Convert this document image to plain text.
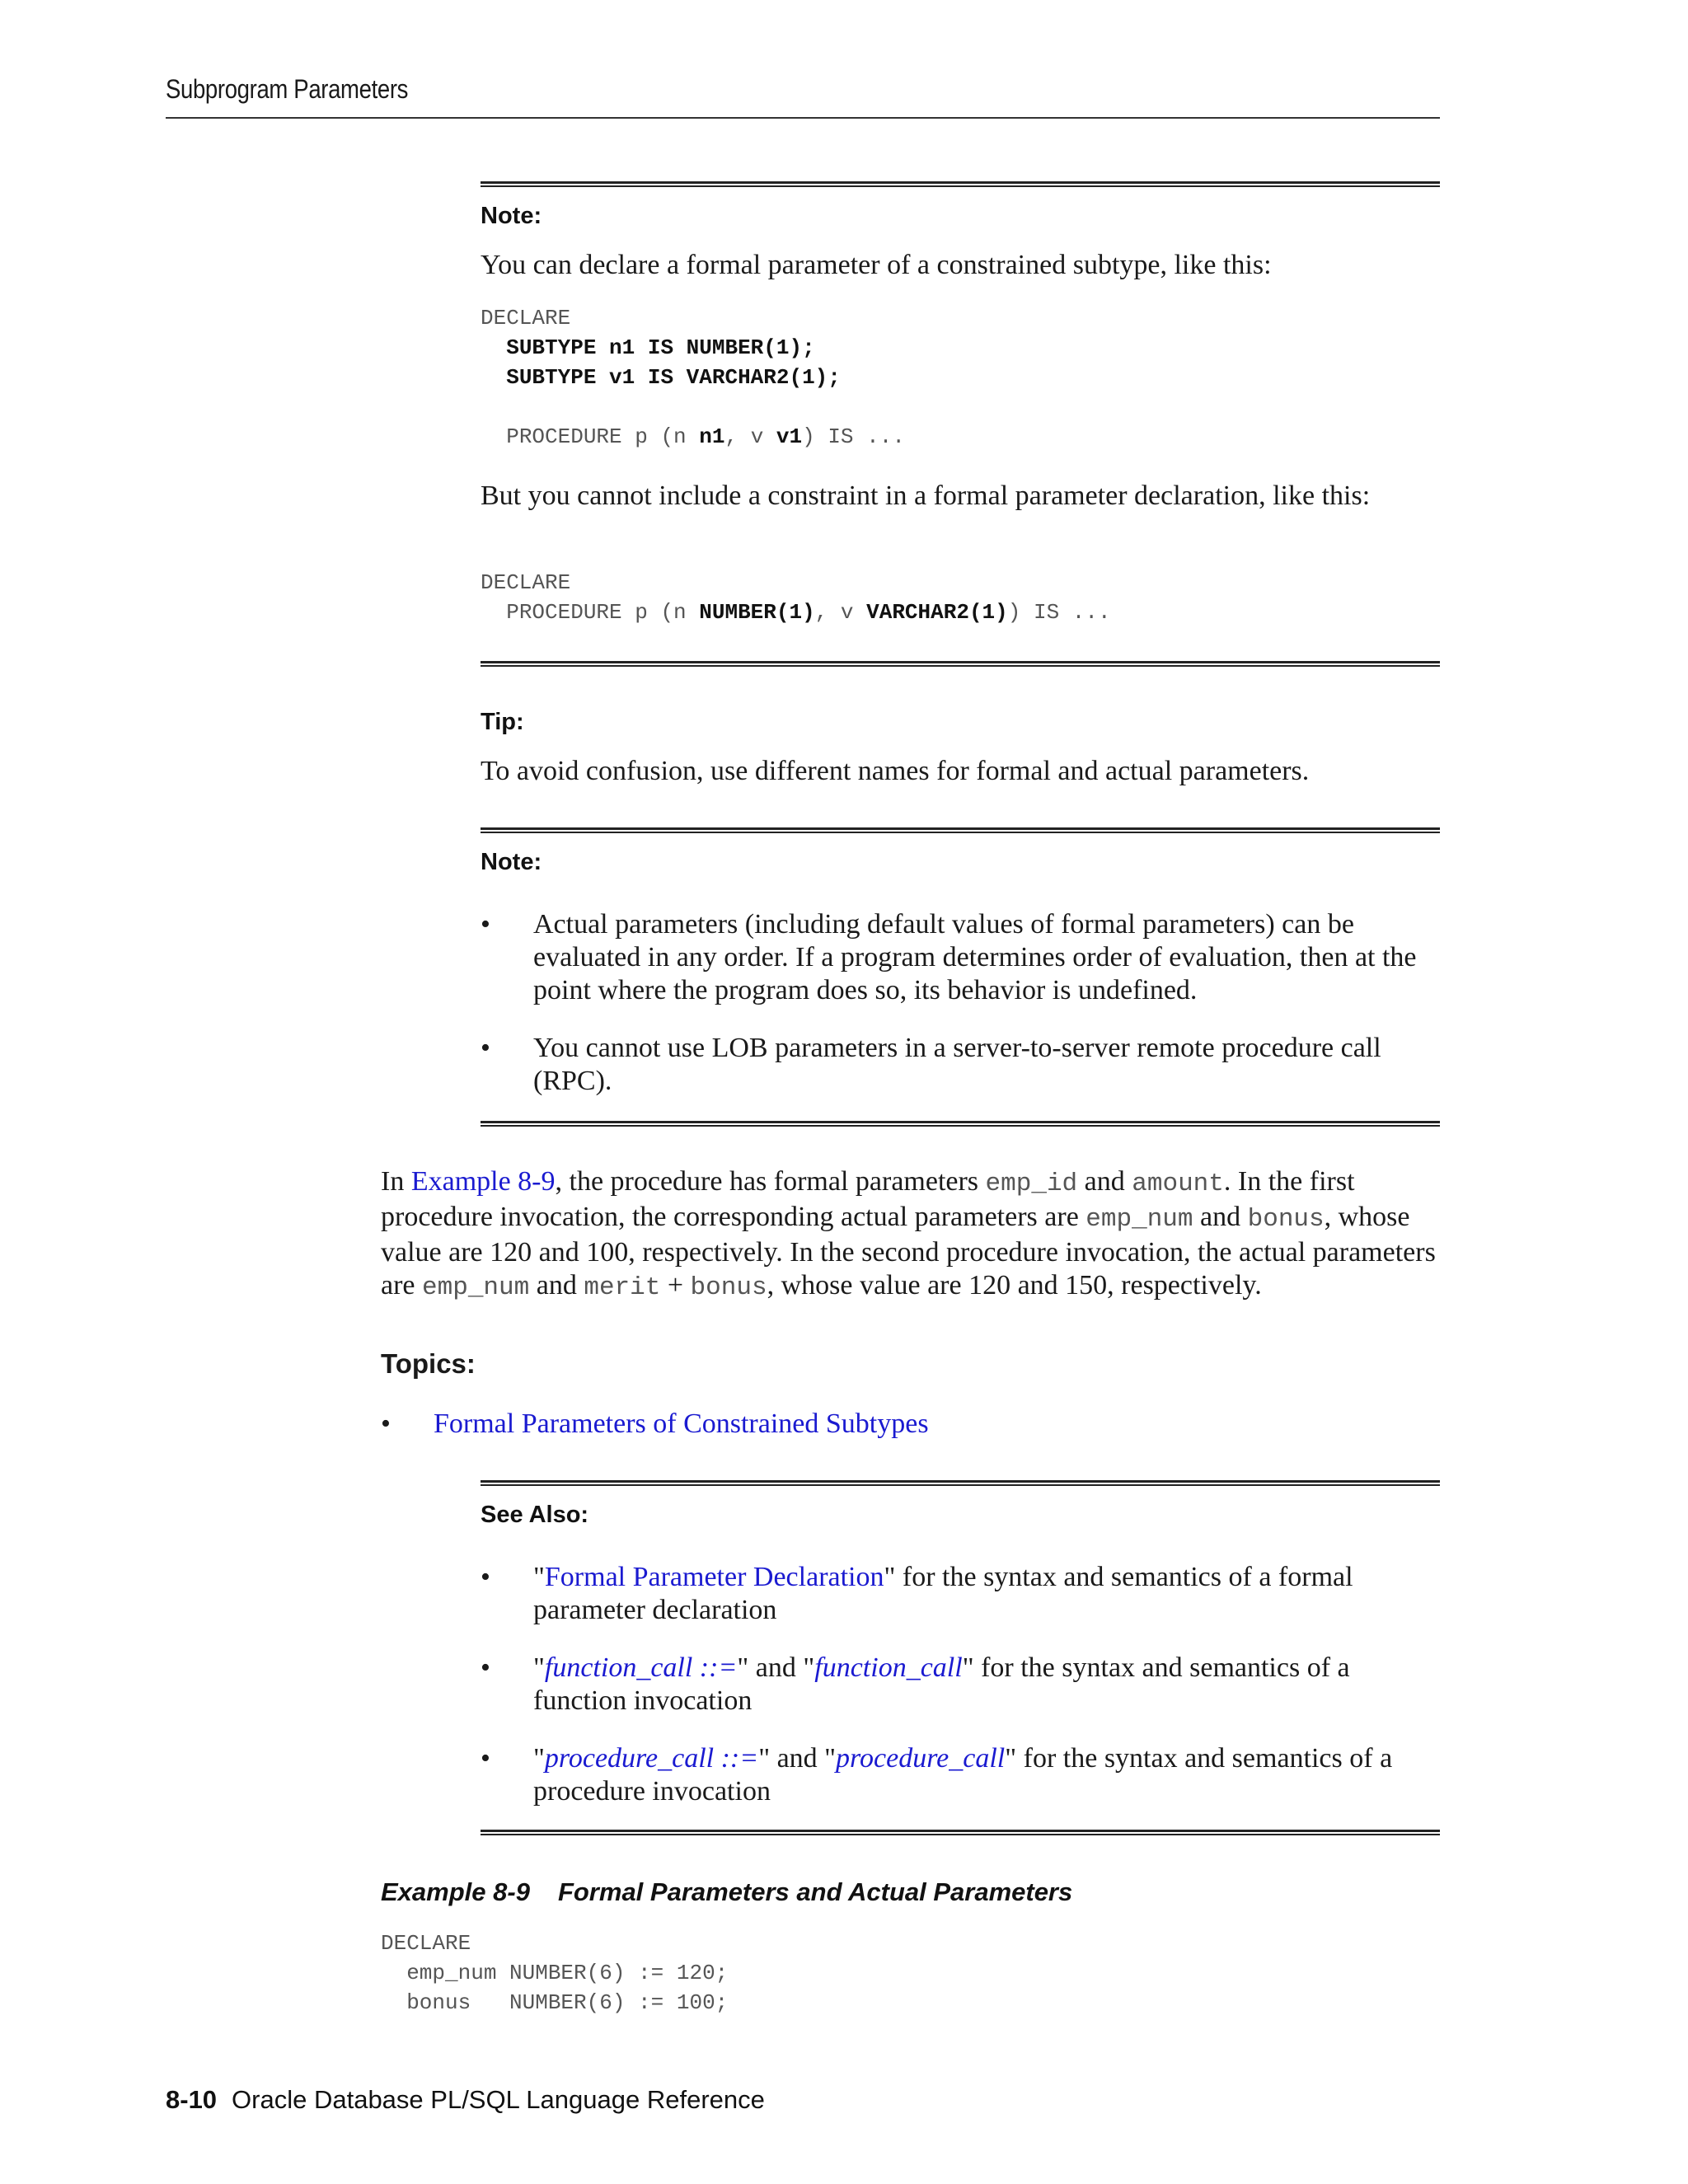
Subprogram Parameters
Note:
You can declare a formal parameter of a constrained subtype, like this:
DECLARE
SUBTYPE n1 IS NUMBER(1);
SUBTYPE v1 IS VARCHAR2(1);

PROCEDURE p (n n1, v v1) IS ...
But you cannot include a constraint in a formal parameter declaration, like this:
DECLARE
PROCEDURE p (n NUMBER(1), v VARCHAR2(1)) IS ...
Tip:
To avoid confusion, use different names for formal and actual parameters.
Note:
• Actual parameters (including default values of formal parameters) can be evaluated in any order. If a program determines order of evaluation, then at the point where the program does so, its behavior is undefined.
• You cannot use LOB parameters in a server-to-server remote procedure call (RPC).
In Example 8-9, the procedure has formal parameters emp_id and amount. In the first procedure invocation, the corresponding actual parameters are emp_num and bonus, whose value are 120 and 100, respectively. In the second procedure invocation, the actual parameters are emp_num and merit + bonus, whose value are 120 and 150, respectively.
Topics:
• Formal Parameters of Constrained Subtypes
See Also:
• "Formal Parameter Declaration" for the syntax and semantics of a formal parameter declaration
• "function_call ::=" and "function_call" for the syntax and semantics of a function invocation
• "procedure_call ::=" and "procedure_call" for the syntax and semantics of a procedure invocation
Example 8-9 Formal Parameters and Actual Parameters
DECLARE
emp_num NUMBER(6) := 120;
bonus   NUMBER(6) := 100;
8-10 Oracle Database PL/SQL Language Reference
